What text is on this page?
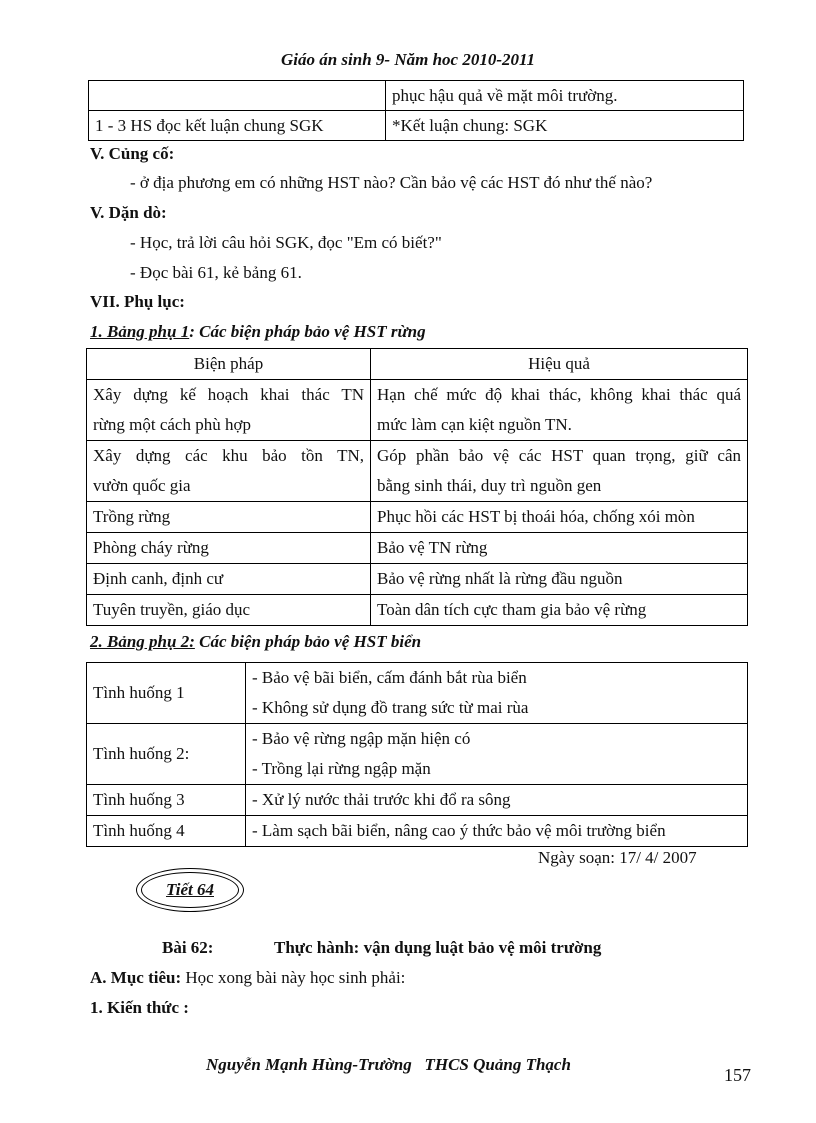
Giáo án sinh 9- Năm hoc 2010-2011
	phục hậu quả về mặt môi trường.
1 - 3 HS đọc kết luận chung SGK	*Kết luận chung: SGK
V. Củng cố:
- ở địa phương em có những HST nào? Cần bảo vệ các HST đó như thế nào?
V. Dặn dò:
- Học, trả lời câu hỏi SGK, đọc "Em có biết?"
- Đọc bài 61, kẻ bảng 61.
VII. Phụ lục:
1. Bảng phụ 1: Các biện pháp bảo vệ HST rừng
Biện pháp	Hiệu quả

Xây dựng kế hoạch khai thác TN
rừng một cách phù hợp	Hạn chế mức độ khai thác, không khai thác quá
mức làm cạn kiệt nguồn TN.

Xây dựng các khu bảo tồn TN,
vườn quốc gia	Góp phần bảo vệ các HST quan trọng, giữ cân
bằng sinh thái, duy trì nguồn gen
Trồng rừng	Phục hồi các HST bị thoái hóa, chống xói mòn
Phòng cháy rừng	Bảo vệ TN rừng
Định canh, định cư	Bảo vệ rừng nhất là rừng đầu nguồn
Tuyên truyền, giáo dục	Toàn dân tích cực tham gia bảo vệ rừng
2. Bảng phụ 2: Các biện pháp bảo vệ HST biển
Tình huống 1	- Bảo vệ bãi biển, cấm đánh bắt rùa biển
- Không sử dụng đồ trang sức từ mai rùa

Tình huống 2:	- Bảo vệ rừng ngập mặn hiện có
- Trồng lại rừng ngập mặn

Tình huống 3	- Xử lý nước thải trước khi đổ ra sông
Tình huống 4	- Làm sạch bãi biển, nâng cao ý thức bảo vệ môi trường biển
Ngày soạn: 17/ 4/ 2007
Tiết 64
Bài 62:	Thực hành: vận dụng luật bảo vệ môi trường
A. Mục tiêu: Học xong bài này học sinh phải:
1. Kiến thức :
Nguyễn Mạnh Hùng-Trường   THCS Quảng Thạch
157
